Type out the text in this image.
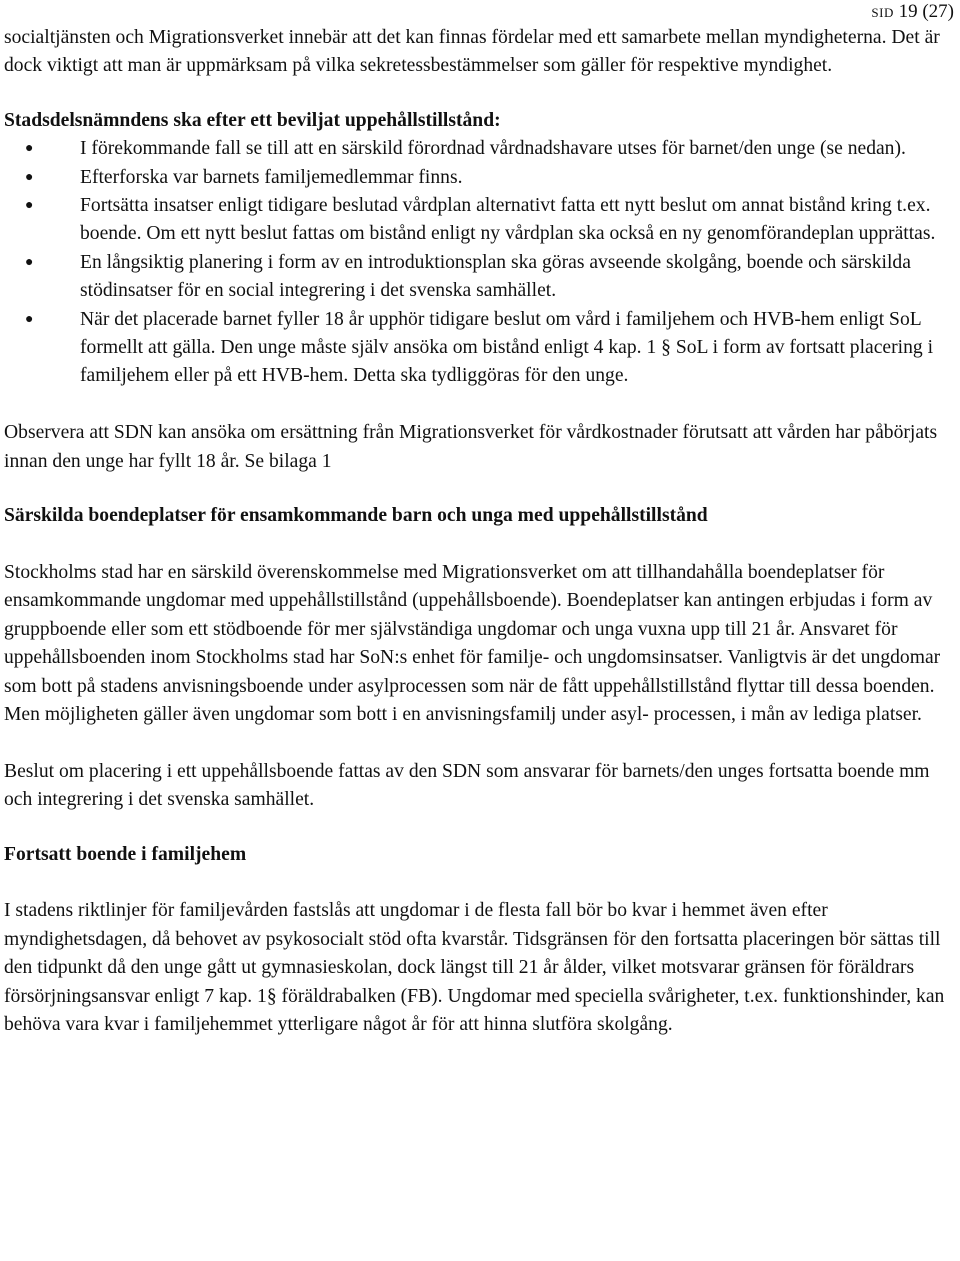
SID 19 (27)

socialtjänsten och Migrationsverket innebär att det kan finnas fördelar med ett samarbete mellan myndigheterna. Det är dock viktigt att man är uppmärksam på vilka sekretessbestämmelser som gäller för respektive myndighet.

Stadsdelsnämndens ska efter ett beviljat uppehållstillstånd:

● I förekommande fall se till att en särskild förordnad vårdnadshavare utses för barnet/den unge (se nedan).
● Efterforska var barnets familjemedlemmar finns.
● Fortsätta insatser enligt tidigare beslutad vårdplan alternativt fatta ett nytt beslut om annat bistånd kring t.ex. boende. Om ett nytt beslut fattas om bistånd enligt ny vårdplan ska också en ny genomförandeplan upprättas.
● En långsiktig planering i form av en introduktionsplan ska göras avseende skolgång, boende och särskilda stödinsatser för en social integrering i det svenska samhället.
● När det placerade barnet fyller 18 år upphör tidigare beslut om vård i familjehem och HVB-hem enligt SoL formellt att gälla. Den unge måste själv ansöka om bistånd enligt 4 kap. 1 § SoL i form av fortsatt placering i familjehem eller på ett HVB-hem. Detta ska tydliggöras för den unge.

Observera att SDN kan ansöka om ersättning från Migrationsverket för vårdkostnader förutsatt att vården har påbörjats innan den unge har fyllt 18 år. Se bilaga 1

Särskilda boendeplatser för ensamkommande barn och unga med uppehållstillstånd

Stockholms stad har en särskild överenskommelse med Migrationsverket om att tillhandahålla boendeplatser för ensamkommande ungdomar med uppehållstillstånd (uppehållsboende). Boendeplatser kan antingen erbjudas i form av gruppboende eller som ett stödboende för mer självständiga ungdomar och unga vuxna upp till 21 år. Ansvaret för uppehållsboenden inom Stockholms stad har SoN:s enhet för familje- och ungdomsinsatser. Vanligtvis är det ungdomar som bott på stadens anvisningsboende under asylprocessen som när de fått uppehållstillstånd flyttar till dessa boenden. Men möjligheten gäller även ungdomar som bott i en anvisningsfamilj under asyl- processen, i mån av lediga platser.

Beslut om placering i ett uppehållsboende fattas av den SDN som ansvarar för barnets/den unges fortsatta boende mm och integrering i det svenska samhället.

Fortsatt boende i familjehem

I stadens riktlinjer för familjevården fastslås att ungdomar i de flesta fall bör bo kvar i hemmet även efter myndighetsdagen, då behovet av psykosocialt stöd ofta kvarstår. Tidsgränsen för den fortsatta placeringen bör sättas till den tidpunkt då den unge gått ut gymnasieskolan, dock längst till 21 år ålder, vilket motsvarar gränsen för föräldrars försörjningsansvar enligt 7 kap. 1§ föräldrabalken (FB). Ungdomar med speciella svårigheter, t.ex. funktionshinder, kan behöva vara kvar i familjehemmet ytterligare något år för att hinna slutföra skolgång.
